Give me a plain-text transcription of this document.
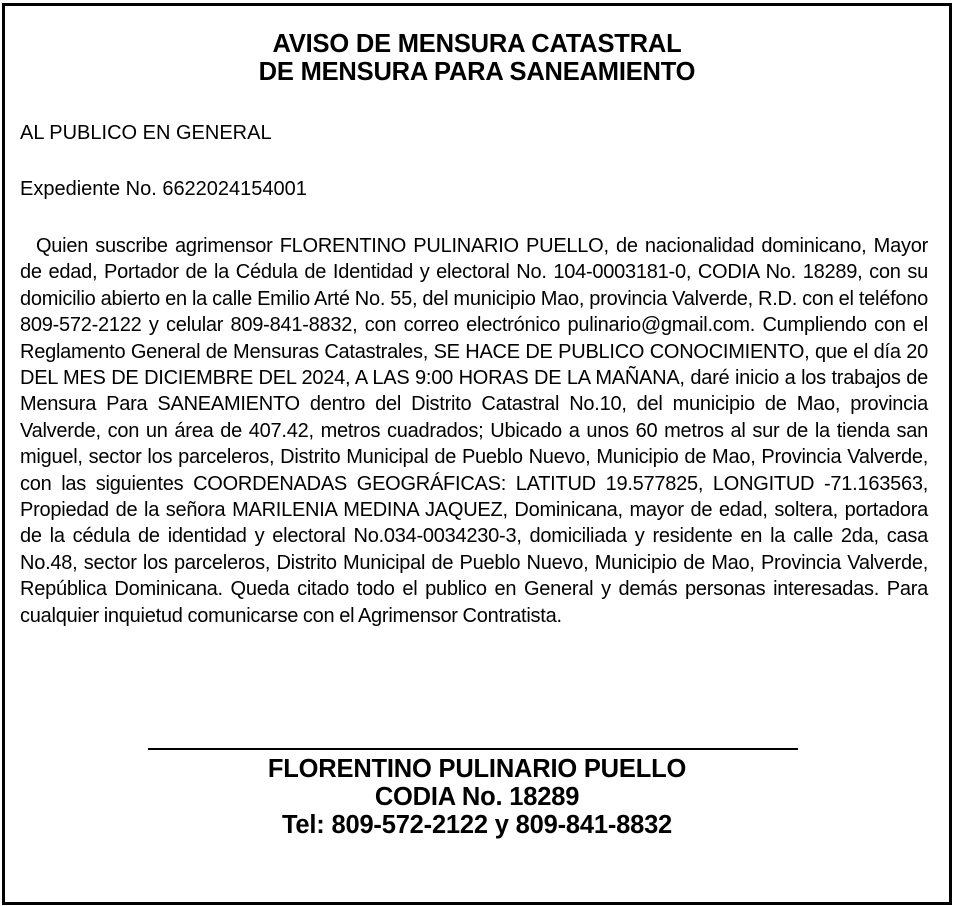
AVISO DE MENSURA CATASTRAL
DE MENSURA PARA SANEAMIENTO
AL PUBLICO EN GENERAL
Expediente No. 6622024154001
Quien suscribe agrimensor FLORENTINO PULINARIO PUELLO, de nacionalidad dominicano, Mayor de edad, Portador de la Cédula de Identidad y electoral No. 104-0003181-0, CODIA No. 18289, con su domicilio abierto en la calle Emilio Arté No. 55, del municipio Mao, provincia Valverde, R.D. con el teléfono 809-572-2122 y celular 809-841-8832, con correo electrónico pulinario@gmail.com. Cumpliendo con el Reglamento General de Mensuras Catastrales, SE HACE DE PUBLICO CONOCIMIENTO, que el día 20 DEL MES DE DICIEMBRE DEL 2024, A LAS 9:00 HORAS DE LA MAÑANA, daré inicio a los trabajos de Mensura Para SANEAMIENTO dentro del Distrito Catastral No.10, del municipio de Mao, provincia Valverde, con un área de 407.42, metros cuadrados; Ubicado a unos 60 metros al sur de la tienda san miguel, sector los parceleros, Distrito Municipal de Pueblo Nuevo, Municipio de Mao, Provincia Valverde, con las siguientes COORDENADAS GEOGRÁFICAS: LATITUD 19.577825, LONGITUD -71.163563, Propiedad de la señora MARILENIA MEDINA JAQUEZ, Dominicana, mayor de edad, soltera, portadora de la cédula de identidad y electoral No.034-0034230-3, domiciliada y residente en la calle 2da, casa No.48, sector los parceleros, Distrito Municipal de Pueblo Nuevo, Municipio de Mao, Provincia Valverde, República Dominicana. Queda citado todo el publico en General y demás personas interesadas. Para cualquier inquietud comunicarse con el Agrimensor Contratista.
FLORENTINO PULINARIO PUELLO
CODIA No. 18289
Tel: 809-572-2122 y 809-841-8832
